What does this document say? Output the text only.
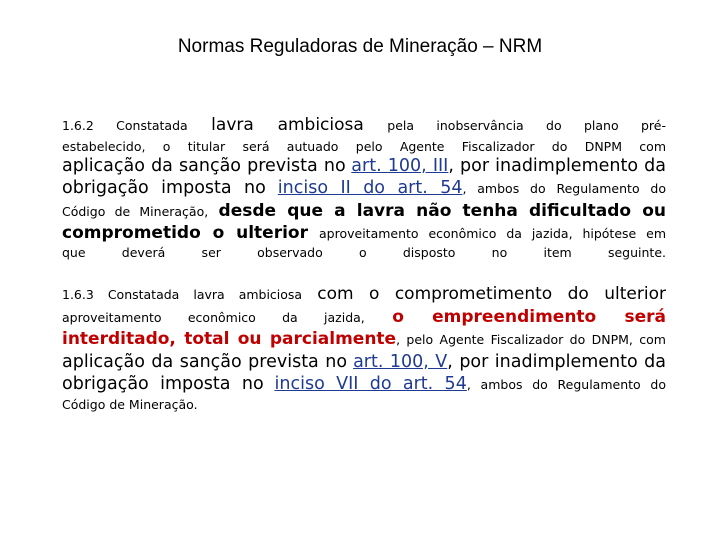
Normas Reguladoras de Mineração – NRM
1.6.2 Constatada lavra ambiciosa pela inobservância do plano pré-
estabelecido, o titular será autuado pelo Agente Fiscalizador do DNPM com
aplicação da sanção prevista no art. 100, III, por inadimplemento da
obrigação imposta no inciso II do art. 54, ambos do Regulamento do
Código de Mineração, desde que a lavra não tenha dificultado ou
comprometido o ulterior aproveitamento econômico da jazida, hipótese em
que deverá ser observado o disposto no item seguinte.
1.6.3 Constatada lavra ambiciosa com o comprometimento do ulterior
aproveitamento econômico da jazida, o empreendimento será
interditado, total ou parcialmente, pelo Agente Fiscalizador do DNPM, com
aplicação da sanção prevista no art. 100, V, por inadimplemento da
obrigação imposta no inciso VII do art. 54, ambos do Regulamento do
Código de Mineração.
